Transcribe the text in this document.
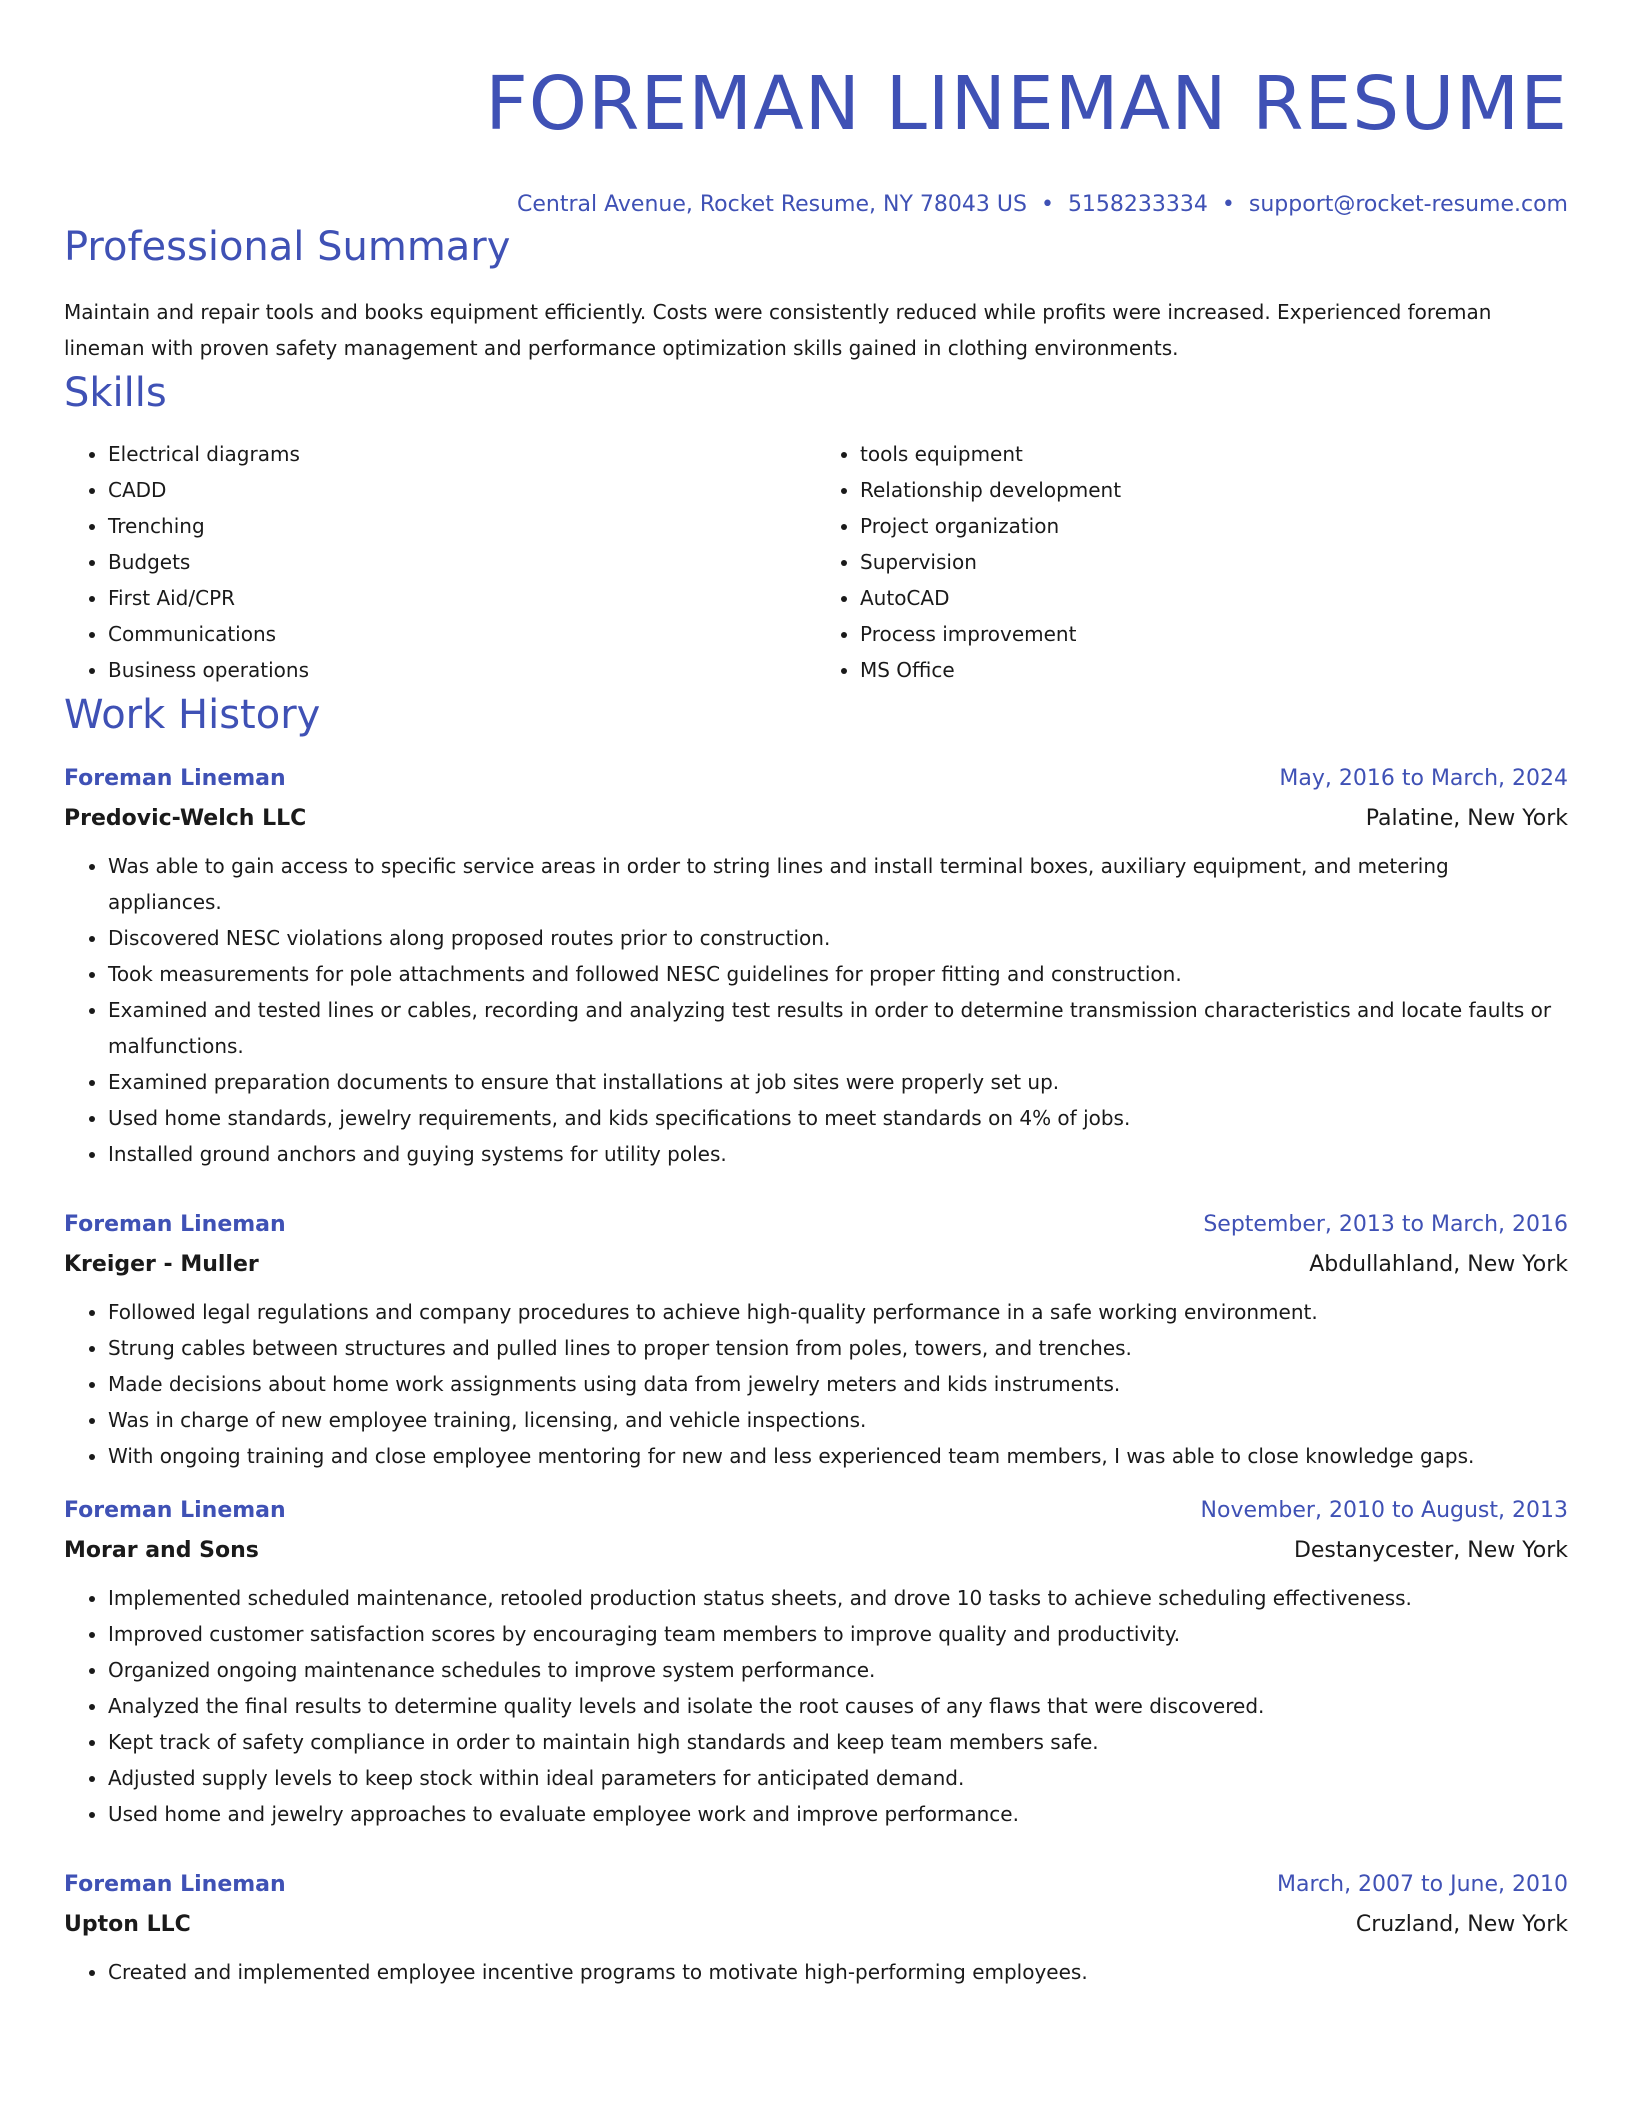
FOREMAN LINEMAN RESUME
Central Avenue, Rocket Resume, NY 78043 US • 5158233334 • support@rocket-resume.com
Professional Summary
Maintain and repair tools and books equipment efficiently. Costs were consistently reduced while profits were increased. Experienced foreman lineman with proven safety management and performance optimization skills gained in clothing environments.
Skills
• Electrical diagrams
• CADD
• Trenching
• Budgets
• First Aid/CPR
• Communications
• Business operations
• tools equipment
• Relationship development
• Project organization
• Supervision
• AutoCAD
• Process improvement
• MS Office
Work History
Foreman Lineman	May, 2016 to March, 2024
Predovic-Welch LLC	Palatine, New York
• Was able to gain access to specific service areas in order to string lines and install terminal boxes, auxiliary equipment, and metering appliances.
• Discovered NESC violations along proposed routes prior to construction.
• Took measurements for pole attachments and followed NESC guidelines for proper fitting and construction.
• Examined and tested lines or cables, recording and analyzing test results in order to determine transmission characteristics and locate faults or malfunctions.
• Examined preparation documents to ensure that installations at job sites were properly set up.
• Used home standards, jewelry requirements, and kids specifications to meet standards on 4% of jobs.
• Installed ground anchors and guying systems for utility poles.
Foreman Lineman	September, 2013 to March, 2016
Kreiger - Muller	Abdullahland, New York
• Followed legal regulations and company procedures to achieve high-quality performance in a safe working environment.
• Strung cables between structures and pulled lines to proper tension from poles, towers, and trenches.
• Made decisions about home work assignments using data from jewelry meters and kids instruments.
• Was in charge of new employee training, licensing, and vehicle inspections.
• With ongoing training and close employee mentoring for new and less experienced team members, I was able to close knowledge gaps.
Foreman Lineman	November, 2010 to August, 2013
Morar and Sons	Destanycester, New York
• Implemented scheduled maintenance, retooled production status sheets, and drove 10 tasks to achieve scheduling effectiveness.
• Improved customer satisfaction scores by encouraging team members to improve quality and productivity.
• Organized ongoing maintenance schedules to improve system performance.
• Analyzed the final results to determine quality levels and isolate the root causes of any flaws that were discovered.
• Kept track of safety compliance in order to maintain high standards and keep team members safe.
• Adjusted supply levels to keep stock within ideal parameters for anticipated demand.
• Used home and jewelry approaches to evaluate employee work and improve performance.
Foreman Lineman	March, 2007 to June, 2010
Upton LLC	Cruzland, New York
• Created and implemented employee incentive programs to motivate high-performing employees.
